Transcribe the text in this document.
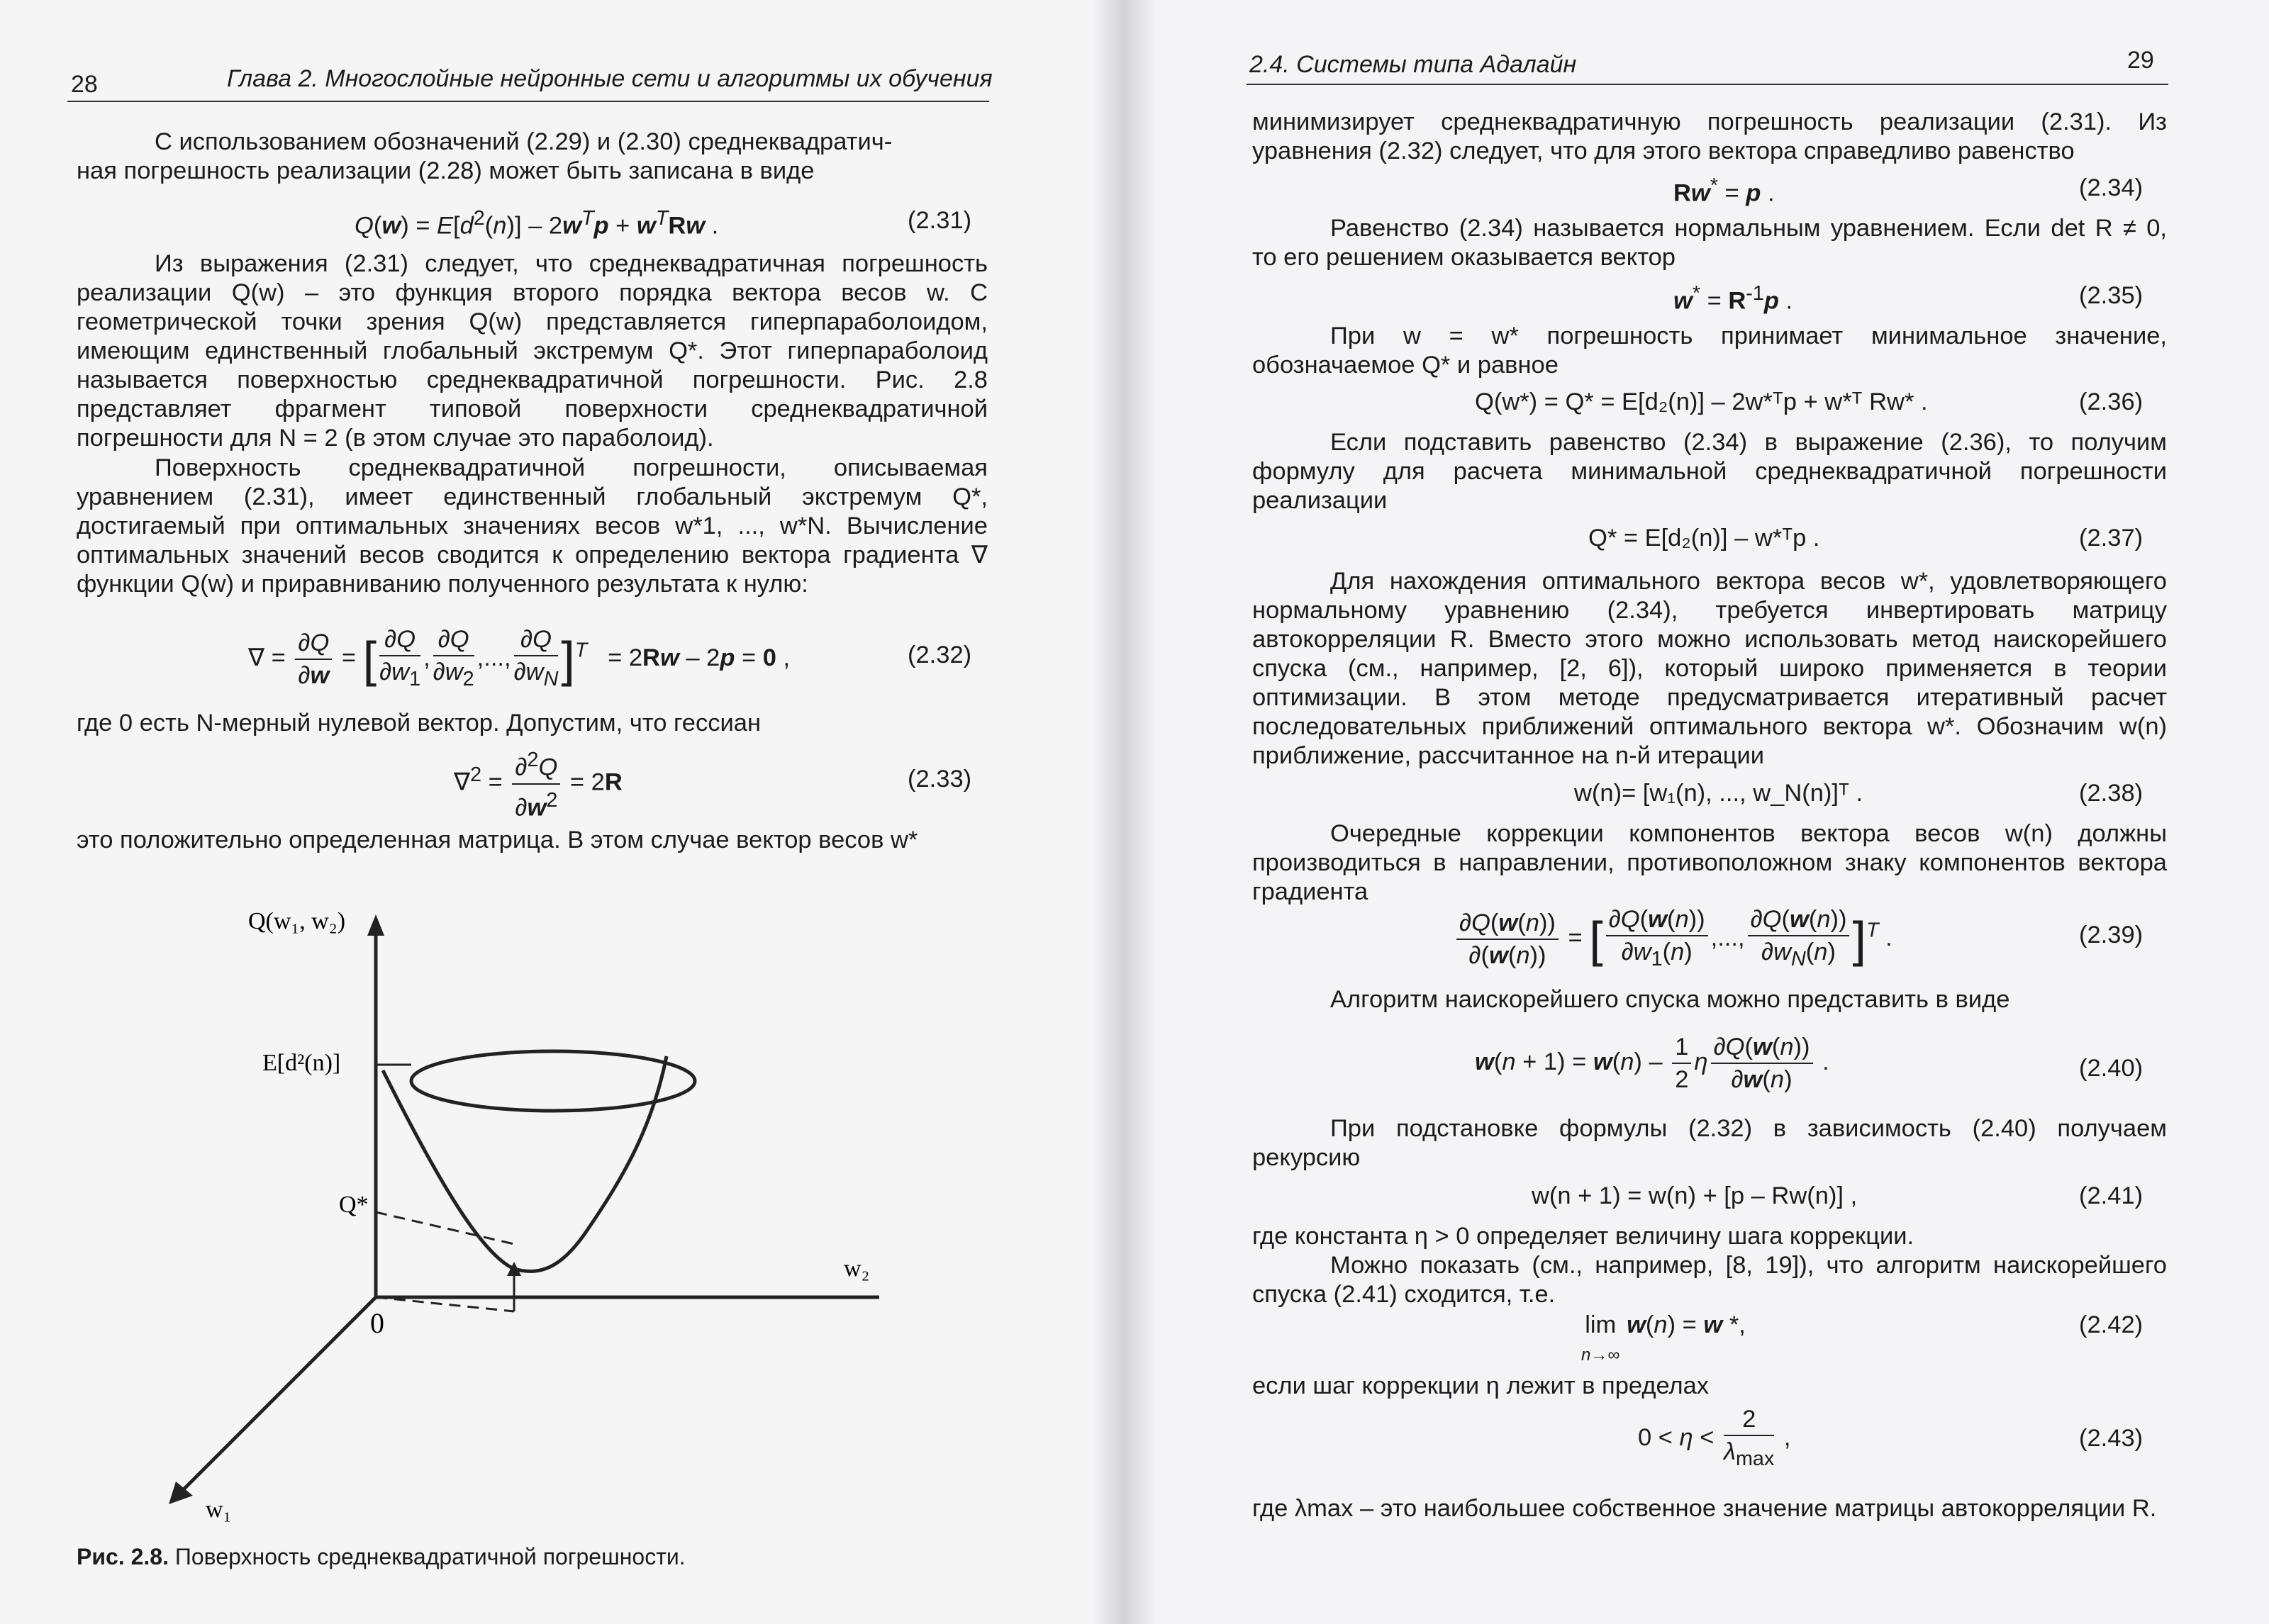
28	Глава 2. Многослойные нейронные сети и алгоритмы их обучения
С использованием обозначений (2.29) и (2.30) среднеквадратич-
ная погрешность реализации (2.28) может быть записана в виде
$Q(w) = E[d^2(n)] - 2w^Tp + w^TRw$ .	(2.31)
Из выражения (2.31) следует, что среднеквадратичная погрешность реализации Q(w) – это функция второго порядка вектора весов w. С геометрической точки зрения Q(w) представляется гиперпараболоидом, имеющим единственный глобальный экстремум Q*. Этот гиперпараболоид называется поверхностью среднеквадратичной погрешности. Рис. 2.8 представляет фрагмент типовой поверхности среднеквадратичной погрешности для N = 2 (в этом случае это параболоид).
Поверхность среднеквадратичной погрешности, описываемая уравнением (2.31), имеет единственный глобальный экстремум Q*, достигаемый при оптимальных значениях весов w*1, ..., w*N. Вычисление оптимальных значений весов сводится к определению вектора градиента ∇ функции Q(w) и приравниванию полученного результата к нулю:
∇ = $\frac{\partial Q}{\partial w}$ = [ $\frac{\partial Q}{\partial w_1}$ , $\frac{\partial Q}{\partial w_2}$ ,..., $\frac{\partial Q}{\partial w_N} ]^T = 2Rw - 2p = 0$ ,	(2.32)
где 0 есть N-мерный нулевой вектор. Допустим, что гессиан
$\nabla^2 = \frac{\partial^2Q}{\partial w^2} = 2R$	(2.33)
это положительно определенная матрица. В этом случае вектор весов w*
Q(w₁, w₂)
E[d²(n)]
Q*
0
w₂
w₁
Рис. 2.8. Поверхность среднеквадратичной погрешности.
2.4. Системы типа Адалайн	29
минимизирует среднеквадратичную погрешность реализации (2.31). Из уравнения (2.32) следует, что для этого вектора справедливо равенство
Rw* = p .	(2.34)
Равенство (2.34) называется нормальным уравнением. Если det R ≠ 0, то его решением оказывается вектор
$w^* = R^{-1}p$ .	(2.35)
При w = w* погрешность принимает минимальное значение, обозначаемое Q* и равное
Q(w*) = Q* = E[d₂(n)] – 2w*ᵀp + w*ᵀ Rw* .	(2.36)
Если подставить равенство (2.34) в выражение (2.36), то получим формулу для расчета минимальной среднеквадратичной погрешности реализации
Q* = E[d₂(n)] – w*ᵀp .	(2.37)
Для нахождения оптимального вектора весов w*, удовлетворяющего нормальному уравнению (2.34), требуется инвертировать матрицу автокорреляции R. Вместо этого можно использовать метод наискорейшего спуска (см., например, [2, 6]), который широко применяется в теории оптимизации. В этом методе предусматривается итеративный расчет последовательных приближений оптимального вектора w*. Обозначим w(n) приближение, рассчитанное на n-й итерации
w(n)= [w₁(n), ..., w_N(n)]ᵀ .	(2.38)
Очередные коррекции компонентов вектора весов w(n) должны производиться в направлении, противоположном знаку компонентов вектора градиента
$\frac{\partial Q(w(n))}{\partial(w(n))}$ = [ $\frac{\partial Q(w(n))}{\partial w_1(n)}$ ,..., $\frac{\partial Q(w(n))}{\partial w_N(n)} ]^T$ .	(2.39)
Алгоритм наискорейшего спуска можно представить в виде
$w(n + 1) = w(n) - \frac{1}{2}$ η $\frac{\partial Q(w(n))}{\partial w(n)}$ .	(2.40)
При подстановке формулы (2.32) в зависимость (2.40) получаем рекурсию
w(n + 1) = w(n) + [p – Rw(n)] ,	(2.41)
где константа η > 0 определяет величину шага коррекции.
Можно показать (см., например, [8, 19]), что алгоритм наискорейшего спуска (2.41) сходится, т.е.
lim
n→∞ w(n) = w *,	(2.42)
если шаг коррекции η лежит в пределах
$0 < \eta < \frac{2}{\lambda_{max}}$ ,	(2.43)
где λmax – это наибольшее собственное значение матрицы автокорреляции R.
